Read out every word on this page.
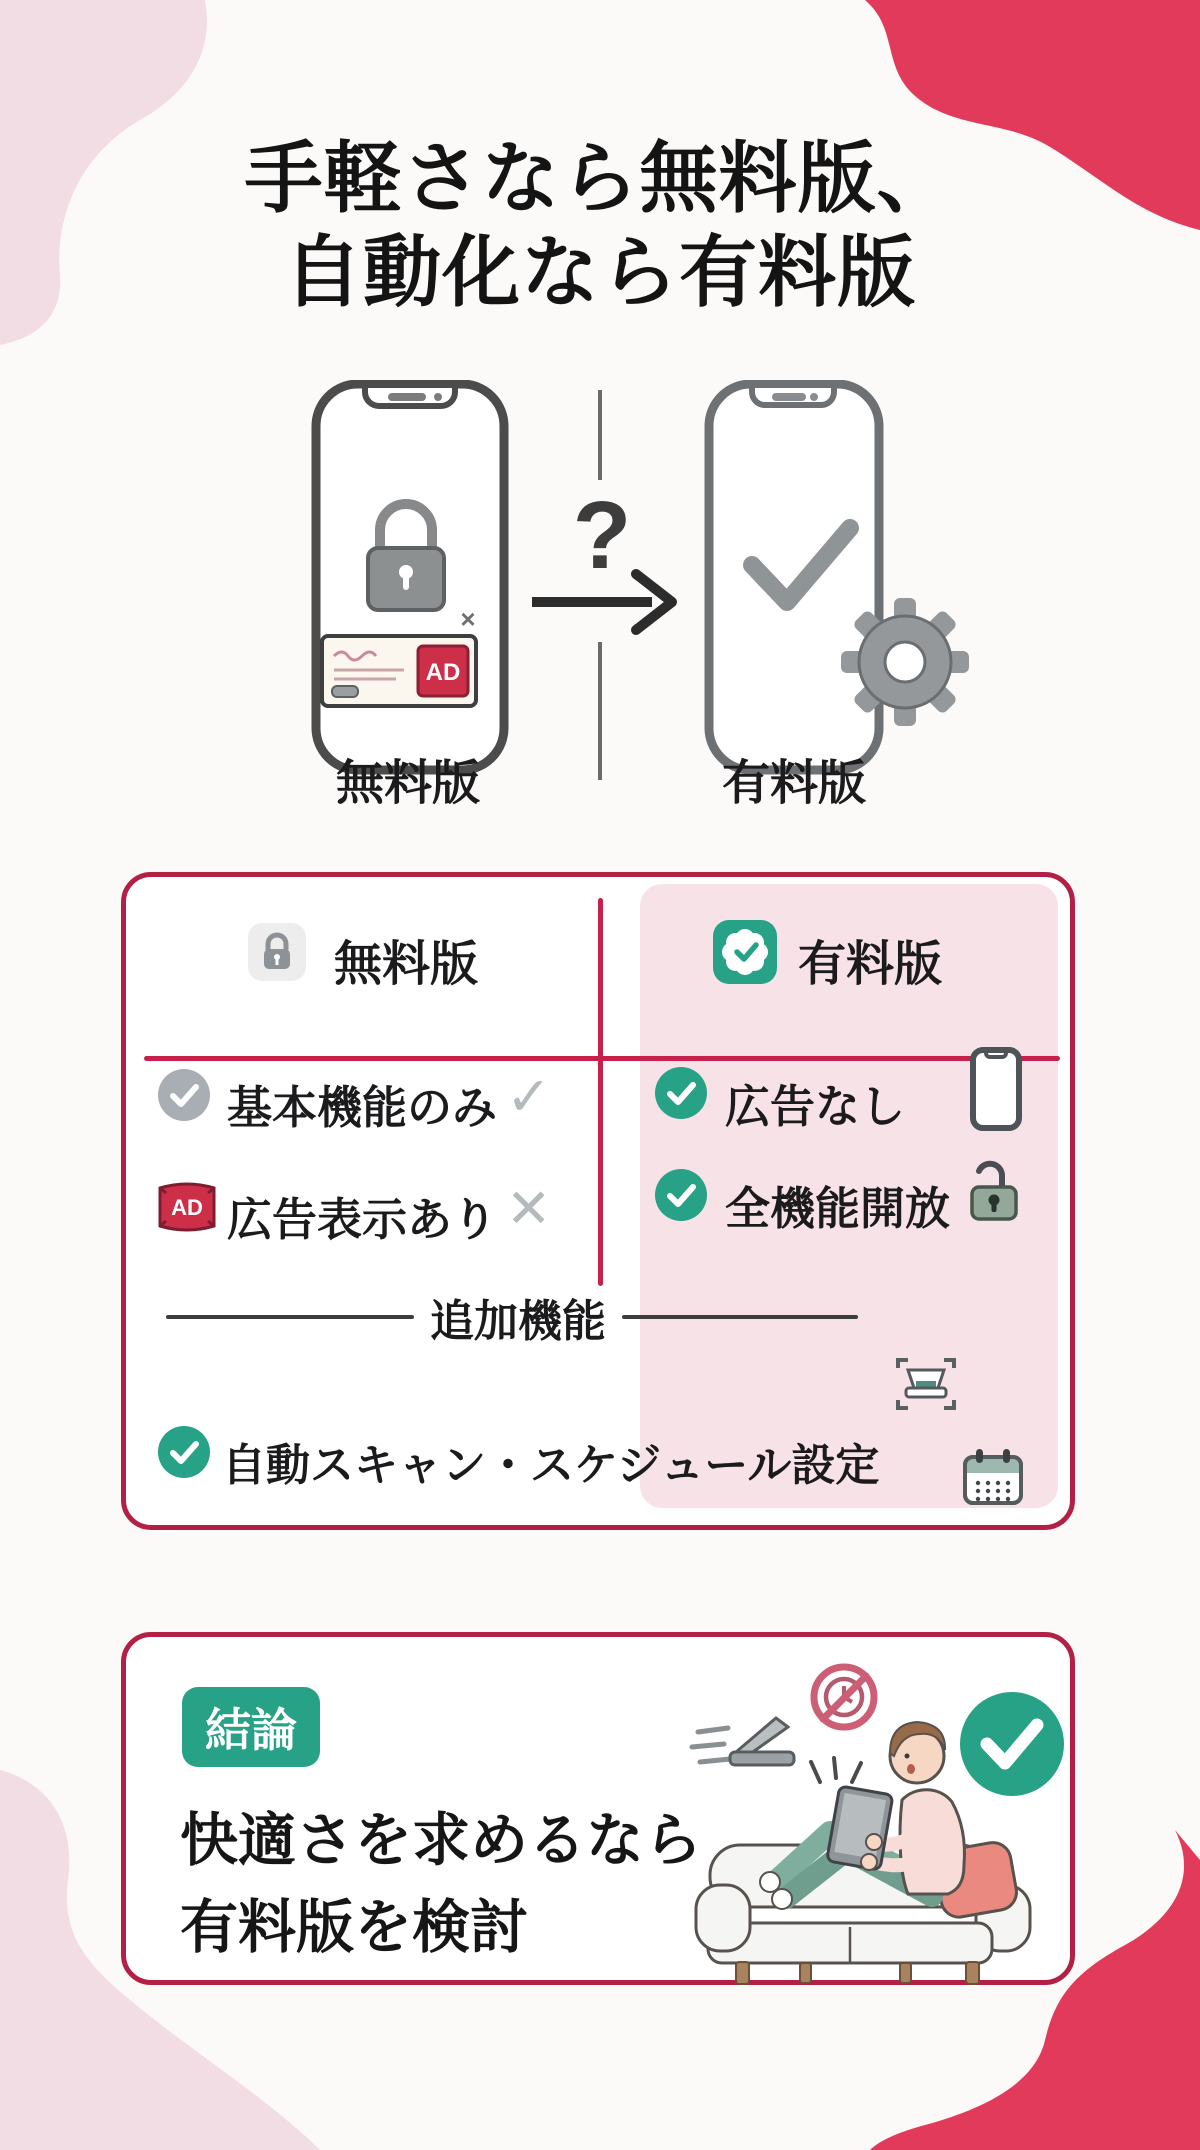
手軽さなら無料版、
自動化なら有料版
×
AD
?
無料版	有料版
無料版	有料版
基本機能のみ ✓
AD 広告表示あり ✕
広告なし
全機能開放
追加機能
自動スキャン・スケジュール設定
結論
快適さを求めるなら
有料版を検討
